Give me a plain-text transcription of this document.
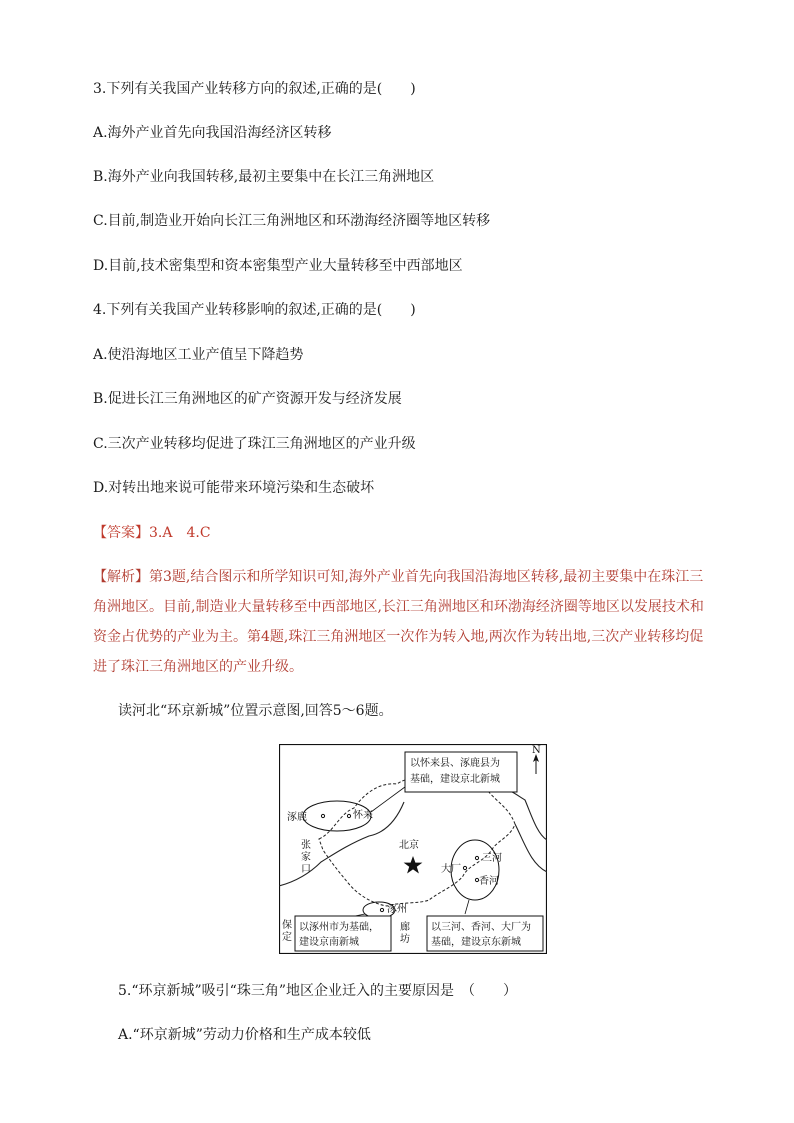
3.下列有关我国产业转移方向的叙述,正确的是(　　)
A.海外产业首先向我国沿海经济区转移
B.海外产业向我国转移,最初主要集中在长江三角洲地区
C.目前,制造业开始向长江三角洲地区和环渤海经济圈等地区转移
D.目前,技术密集型和资本密集型产业大量转移至中西部地区
4.下列有关我国产业转移影响的叙述,正确的是(　　)
A.使沿海地区工业产值呈下降趋势
B.促进长江三角洲地区的矿产资源开发与经济发展
C.三次产业转移均促进了珠江三角洲地区的产业升级
D.对转出地来说可能带来环境污染和生态破坏
【答案】3.A　4.C
【解析】第3题,结合图示和所学知识可知,海外产业首先向我国沿海地区转移,最初主要集中在珠江三角洲地区。目前,制造业大量转移至中西部地区,长江三角洲地区和环渤海经济圈等地区以发展技术和资金占优势的产业为主。第4题,珠江三角洲地区一次作为转入地,两次作为转出地,三次产业转移均促进了珠江三角洲地区的产业升级。
读河北“环京新城”位置示意图,回答5～6题。
N
以怀来县、涿鹿县为
基础，建设京北新城
涿鹿	怀来
张
家
口
北京
三河
大厂
香河
涿州
以涿州市为基础，
建设京南新城
以三河、香河、大厂为
基础，建设京东新城
保
定
廊
坊
5.“环京新城”吸引“珠三角”地区企业迁入的主要原因是　（　　）
A.“环京新城”劳动力价格和生产成本较低
